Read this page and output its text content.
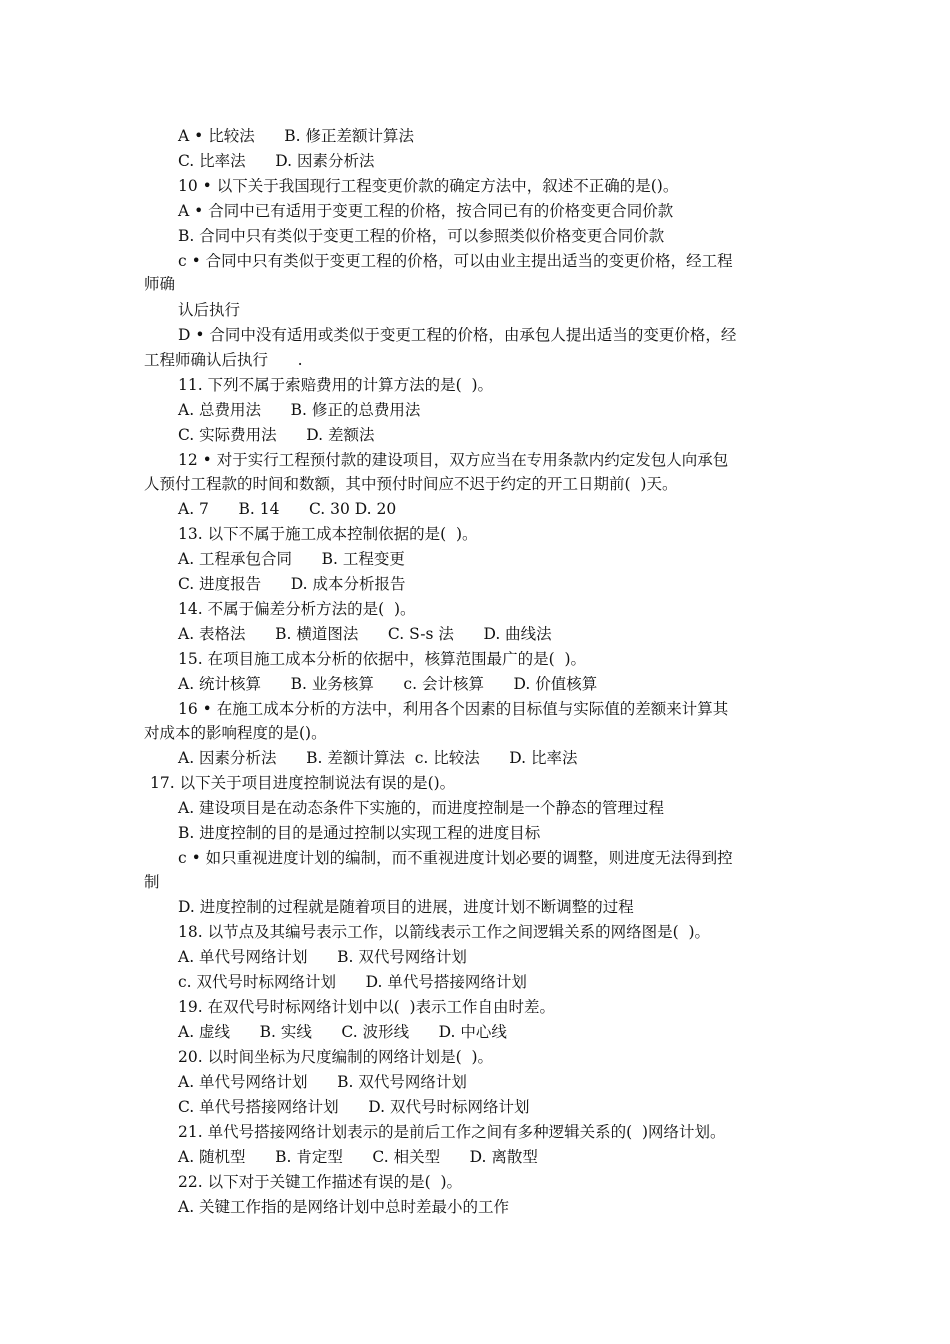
A • 比较法      B. 修正差额计算法
C. 比率法      D. 因素分析法
10 • 以下关于我国现行工程变更价款的确定方法中，叙述不正确的是()。
A • 合同中已有适用于变更工程的价格，按合同已有的价格变更合同价款
B. 合同中只有类似于变更工程的价格，可以参照类似价格变更合同价款
c • 合同中只有类似于变更工程的价格，可以由业主提出适当的变更价格，经工程
师确
认后执行
D • 合同中没有适用或类似于变更工程的价格，由承包人提出适当的变更价格，经
工程师确认后执行      .
11. 下列不属于索赔费用的计算方法的是(  )。
A. 总费用法      B. 修正的总费用法
C. 实际费用法      D. 差额法
12 • 对于实行工程预付款的建设项目，双方应当在专用条款内约定发包人向承包
人预付工程款的时间和数额，其中预付时间应不迟于约定的开工日期前(  )天。
A. 7      B. 14      C. 30 D. 20
13. 以下不属于施工成本控制依据的是(  )。
A. 工程承包合同      B. 工程变更
C. 进度报告      D. 成本分析报告
14. 不属于偏差分析方法的是(  )。
A. 表格法      B. 横道图法      C. S-s 法      D. 曲线法
15. 在项目施工成本分析的依据中，核算范围最广的是(  )。
A. 统计核算      B. 业务核算      c. 会计核算      D. 价值核算
16 • 在施工成本分析的方法中，利用各个因素的目标值与实际值的差额来计算其
对成本的影响程度的是()。
A. 因素分析法      B. 差额计算法  c. 比较法      D. 比率法
17. 以下关于项目进度控制说法有误的是()。
A. 建设项目是在动态条件下实施的，而进度控制是一个静态的管理过程
B. 进度控制的目的是通过控制以实现工程的进度目标
c • 如只重视进度计划的编制，而不重视进度计划必要的调整，则进度无法得到控
制
D. 进度控制的过程就是随着项目的进展，进度计划不断调整的过程
18. 以节点及其编号表示工作，以箭线表示工作之间逻辑关系的网络图是(  )。
A. 单代号网络计划      B. 双代号网络计划
c. 双代号时标网络计划      D. 单代号搭接网络计划
19. 在双代号时标网络计划中以(  )表示工作自由时差。
A. 虚线      B. 实线      C. 波形线      D. 中心线
20. 以时间坐标为尺度编制的网络计划是(  )。
A. 单代号网络计划      B. 双代号网络计划
C. 单代号搭接网络计划      D. 双代号时标网络计划
21. 单代号搭接网络计划表示的是前后工作之间有多种逻辑关系的(  )网络计划。
A. 随机型      B. 肯定型      C. 相关型      D. 离散型
22. 以下对于关键工作描述有误的是(  )。
A. 关键工作指的是网络计划中总时差最小的工作
